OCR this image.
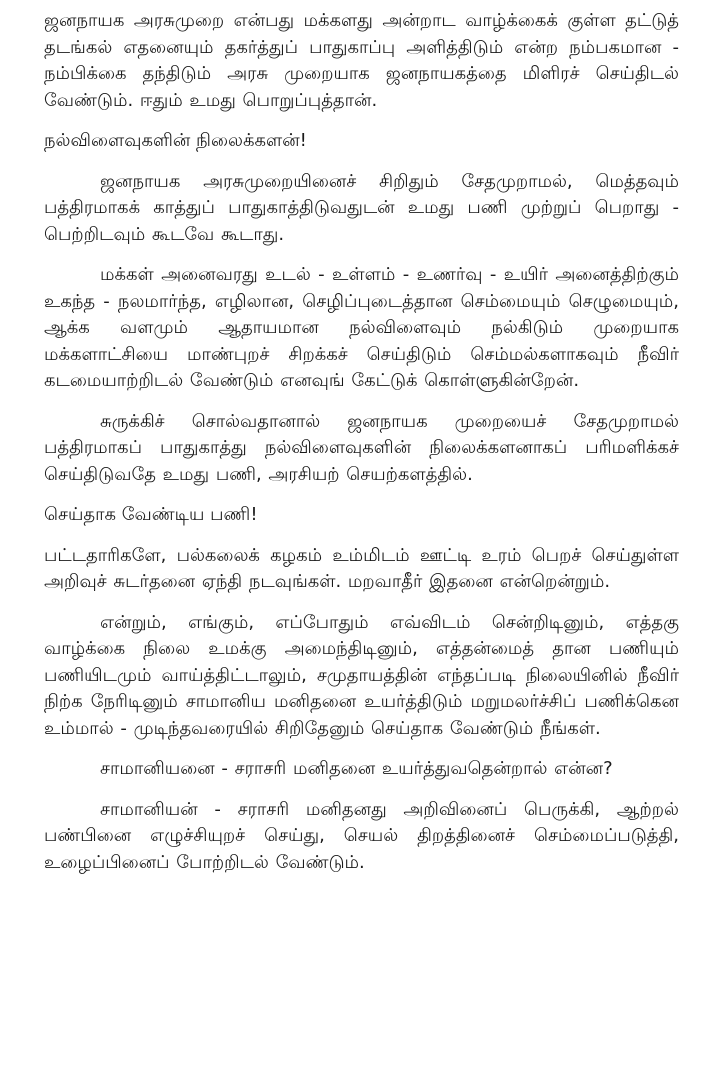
ஜனநாயக அரசுமுறை என்பது மக்களது அன்றாட வாழ்க்கைக் குள்ள தட்டுத் தடங்கல் எதனையும் தகர்த்துப் பாதுகாப்பு அளித்திடும் என்ற நம்பகமான - நம்பிக்கை தந்திடும் அரசு முறையாக ஜனநாயகத்தை மிளிரச் செய்திடல் வேண்டும். ஈதும் உமது பொறுப்புத்தான்.

நல்விளைவுகளின் நிலைக்களன்!

ஜனநாயக அரசுமுறையினைச் சிறிதும் சேதமுறாமல், மெத்தவும் பத்திரமாகக் காத்துப் பாதுகாத்திடுவதுடன் உமது பணி முற்றுப் பெறாது - பெற்றிடவும் கூடவே கூடாது.

மக்கள் அனைவரது உடல் - உள்ளம் - உணர்வு - உயிர் அனைத்திற்கும் உகந்த - நலமார்ந்த, எழிலான, செழிப்புடைத்தான செம்மையும் செழுமையும், ஆக்க வளமும் ஆதாயமான நல்விளைவும் நல்கிடும் முறையாக மக்களாட்சியை மாண்புறச் சிறக்கச் செய்திடும் செம்மல்களாகவும் நீவிர் கடமையாற்றிடல் வேண்டும் எனவுங் கேட்டுக் கொள்ளுகின்றேன்.

சுருக்கிச் சொல்வதானால் ஜனநாயக முறையைச் சேதமுறாமல் பத்திரமாகப் பாதுகாத்து நல்விளைவுகளின் நிலைக்களனாகப் பரிமளிக்கச் செய்திடுவதே உமது பணி, அரசியற் செயற்களத்தில்.

செய்தாக வேண்டிய பணி!

பட்டதாரிகளே, பல்கலைக் கழகம் உம்மிடம் ஊட்டி உரம் பெறச் செய்துள்ள அறிவுச் சுடர்தனை ஏந்தி நடவுங்கள். மறவாதீர் இதனை என்றென்றும்.

என்றும், எங்கும், எப்போதும் எவ்விடம் சென்றிடினும், எத்தகு வாழ்க்கை நிலை உமக்கு அமைந்திடினும், எத்தன்மைத் தான பணியும் பணியிடமும் வாய்த்திட்டாலும், சமுதாயத்தின் எந்தப்படி நிலையினில் நீவிர் நிற்க நேரிடினும் சாமானிய மனிதனை உயர்த்திடும் மறுமலர்ச்சிப் பணிக்கென உம்மால் - முடிந்தவரையில் சிறிதேனும் செய்தாக வேண்டும் நீங்கள்.

சாமானியனை - சராசரி மனிதனை உயர்த்துவதென்றால் என்ன?

சாமானியன் - சராசரி மனிதனது அறிவினைப் பெருக்கி, ஆற்றல் பண்பினை எழுச்சியுறச் செய்து, செயல் திறத்தினைச் செம்மைப்படுத்தி, உழைப்பினைப் போற்றிடல் வேண்டும்.
